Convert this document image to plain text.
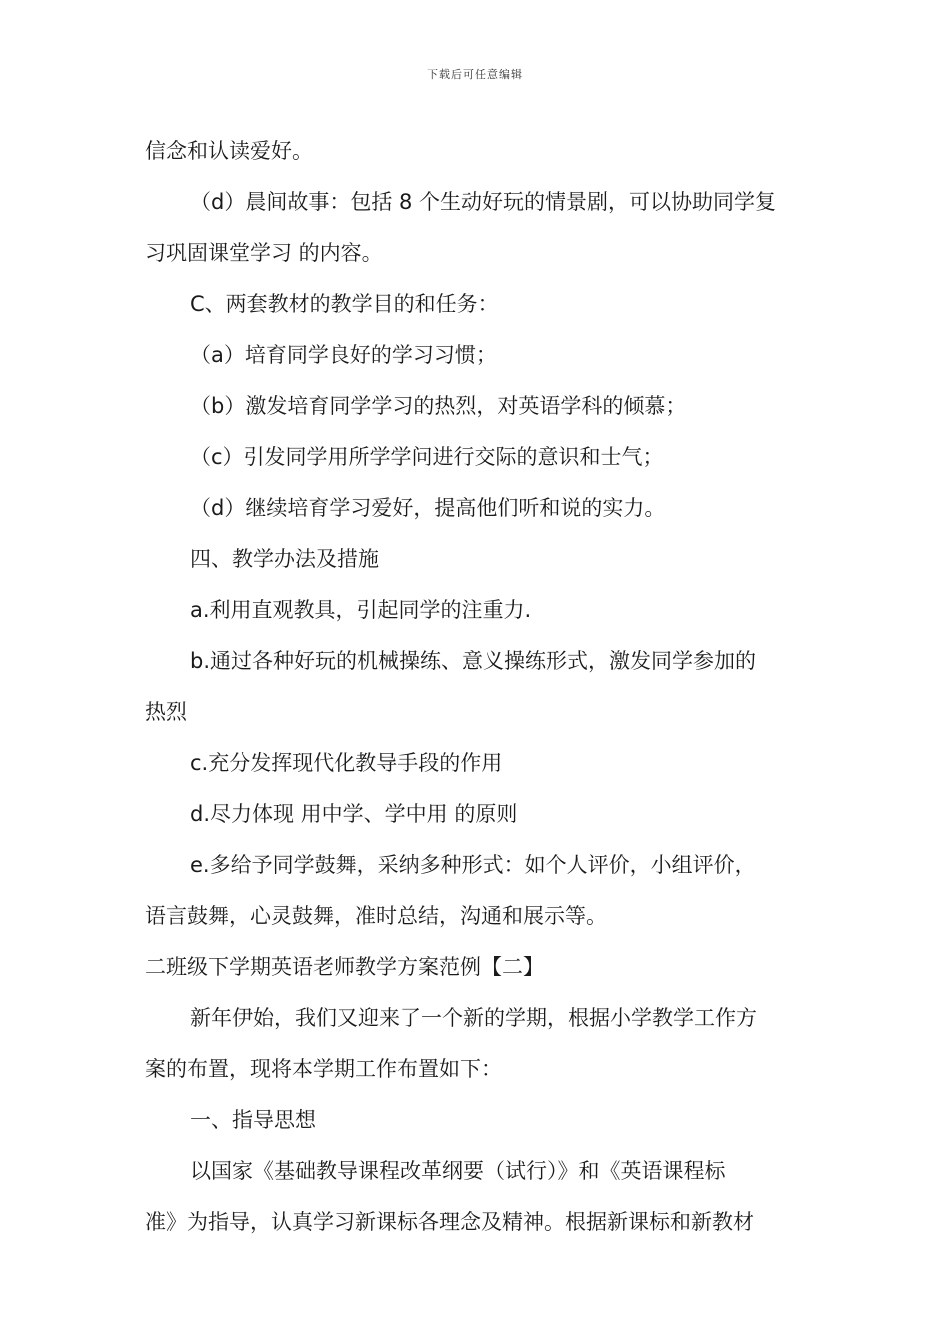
下载后可任意编辑
信念和认读爱好。
（d）晨间故事：包括 8 个生动好玩的情景剧，可以协助同学复
习巩固课堂学习 的内容。
C、两套教材的教学目的和任务：
（a）培育同学良好的学习习惯；
（b）激发培育同学学习的热烈，对英语学科的倾慕；
（c）引发同学用所学学问进行交际的意识和士气；
（d）继续培育学习爱好，提高他们听和说的实力。
四、教学办法及措施
a.利用直观教具，引起同学的注重力.
b.通过各种好玩的机械操练、意义操练形式，激发同学参加的
热烈
c.充分发挥现代化教导手段的作用
d.尽力体现 用中学、学中用 的原则
e.多给予同学鼓舞，采纳多种形式：如个人评价，小组评价，
语言鼓舞，心灵鼓舞，准时总结，沟通和展示等。
二班级下学期英语老师教学方案范例【二】
新年伊始，我们又迎来了一个新的学期，根据小学教学工作方
案的布置，现将本学期工作布置如下：
一、指导思想
以国家《基础教导课程改革纲要（试行）》和《英语课程标
准》为指导，认真学习新课标各理念及精神。根据新课标和新教材
